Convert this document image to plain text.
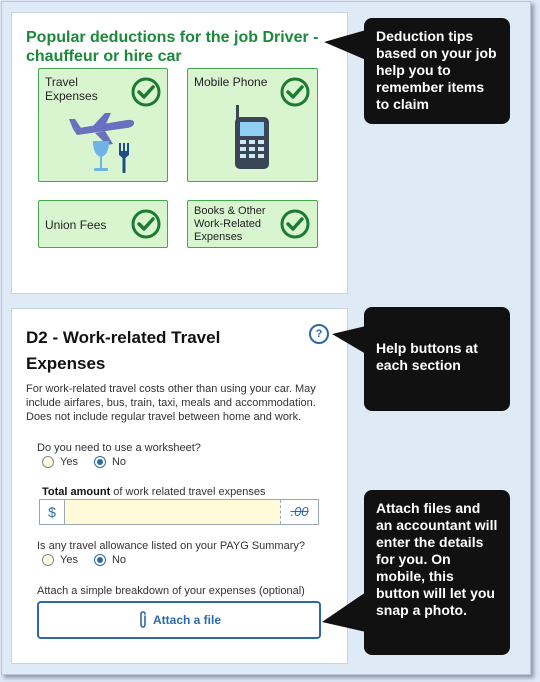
Popular deductions for the job Driver - chauffeur or hire car
Travel Expenses
Mobile Phone
Union Fees
Books & Other Work-Related Expenses
D2 - Work-related Travel Expenses
?
For work-related travel costs other than using your car. May include airfares, bus, train, taxi, meals and accommodation. Does not include regular travel between home and work.
Do you need to use a worksheet?
Yes	No
Total amount of work related travel expenses
$	.00
Is any travel allowance listed on your PAYG Summary?
Yes	No
Attach a simple breakdown of your expenses (optional)
Attach a file
Deduction tips based on your job help you to remember items to claim
Help buttons at each section
Attach files and an accountant will enter the details for you. On mobile, this button will let you snap a photo.
